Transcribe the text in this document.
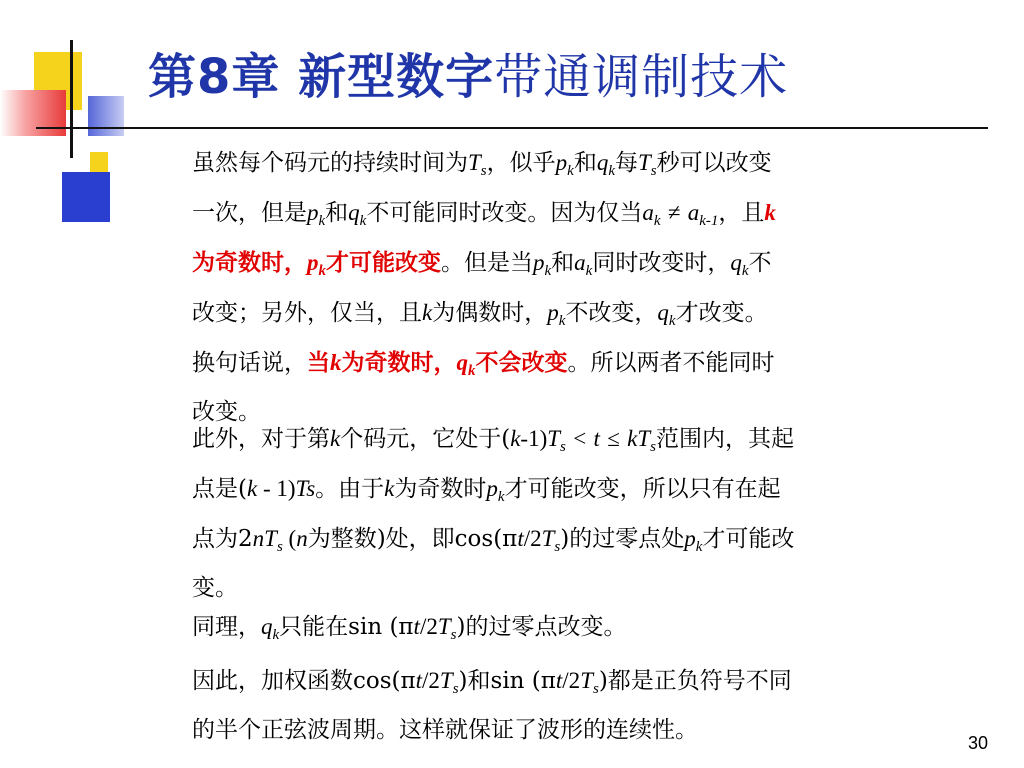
第8章 新型数字带通调制技术

虽然每个码元的持续时间为$T_s$，似乎$p_k$和$q_k$每$T_s$秒可以改变
一次，但是$p_k$和$q_k$不可能同时改变。因为仅当$a_k \ne a_{k-1}$，且k
为奇数时，$p_k$才可能改变。但是当$p_k$和$a_k$同时改变时，$q_k$不
改变；另外，仅当，且k为偶数时，$p_k$不改变，$q_k$才改变。
换句话说，当k为奇数时，$q_k$不会改变。所以两者不能同时
改变。

此外，对于第k个码元，它处于$(k-1)T_s < t \le kT_s$范围内，其起
点是(k - 1)Ts。由于k为奇数时$p_k$才可能改变，所以只有在起
点为$2nT_s$ (n为整数)处，即$\cos(\pi t/2T_s)$的过零点处$p_k$才可能改
变。

同理，$q_k$只能在$\sin (\pi t/2T_s)$的过零点改变。

因此，加权函数$\cos(\pi t/2T_s)$和$\sin (\pi t/2T_s)$都是正负符号不同
的半个正弦波周期。这样就保证了波形的连续性。	30
